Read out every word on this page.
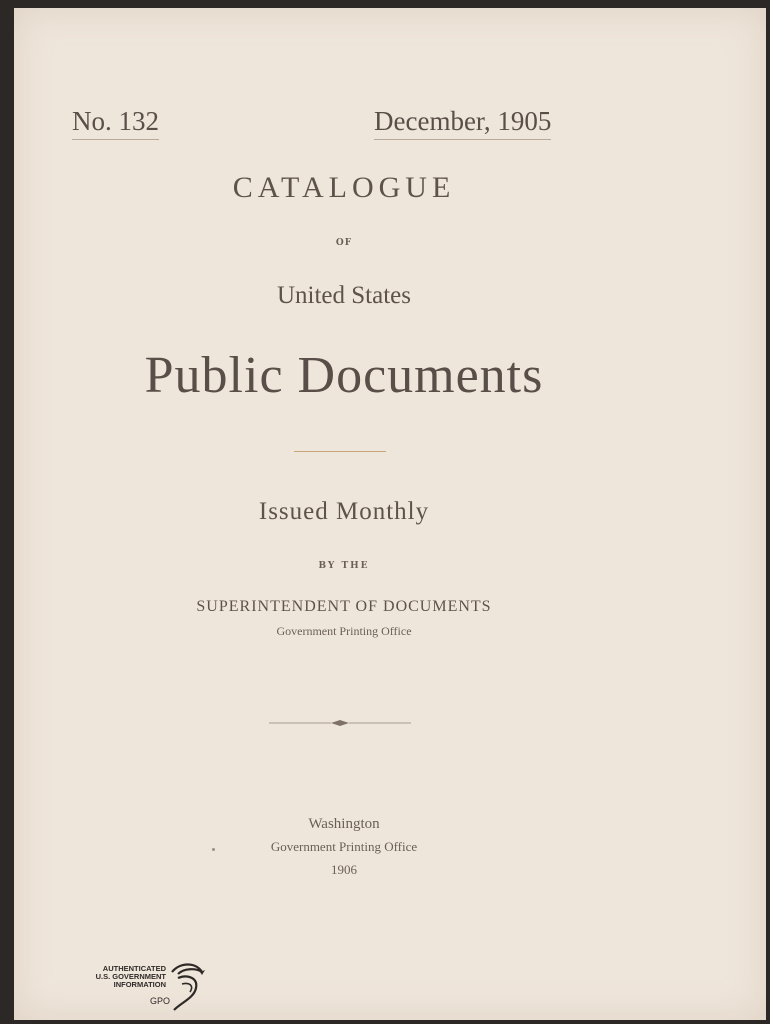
No. 132	December, 1905
CATALOGUE
OF
United States
Public Documents
Issued Monthly
BY THE
SUPERINTENDENT OF DOCUMENTS
Government Printing Office
Washington
Government Printing Office
1906
AUTHENTICATED
U.S. GOVERNMENT
INFORMATION
GPO
